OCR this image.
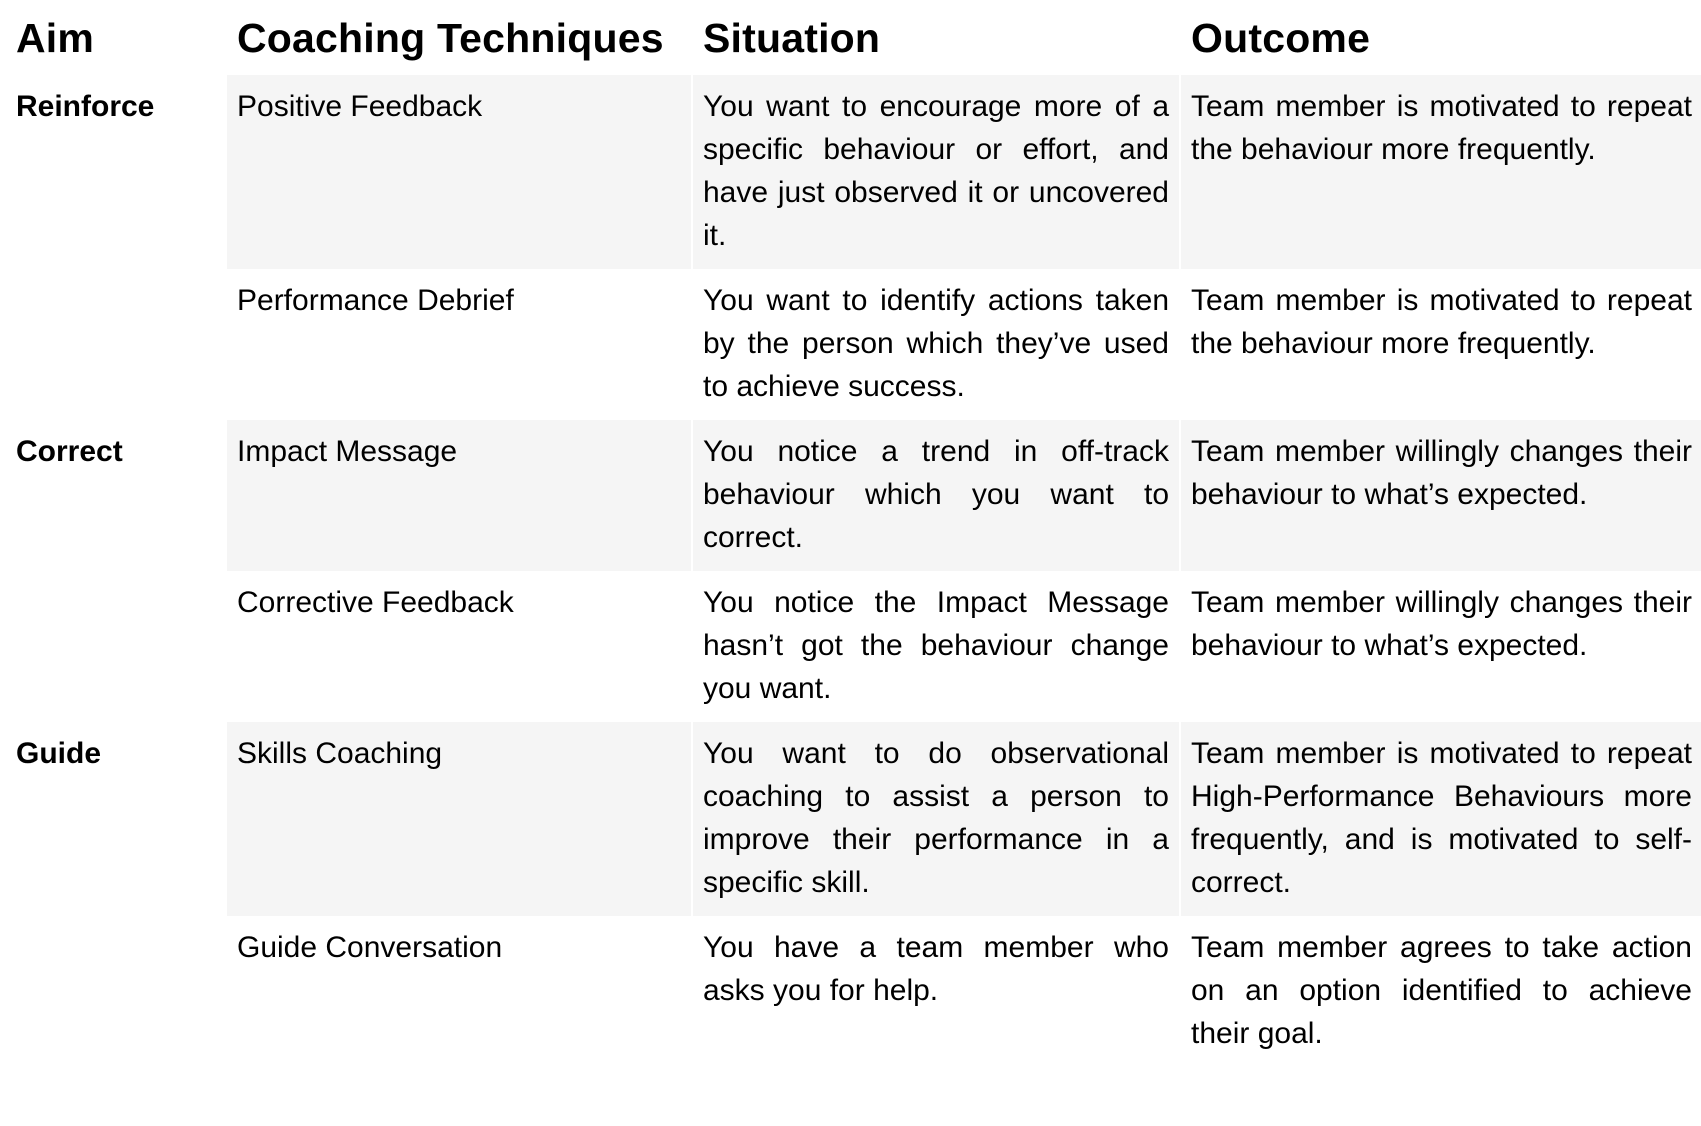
Aim	Coaching Techniques	Situation	Outcome
Reinforce	Positive Feedback	You want to encourage more of a specific behaviour or effort, and have just observed it or uncovered it.	Team member is motivated to repeat the behaviour more frequently.
	Performance Debrief	You want to identify actions taken by the person which they’ve used to achieve success.	Team member is motivated to repeat the behaviour more frequently.
Correct	Impact Message	You notice a trend in off-track behaviour which you want to correct.	Team member willingly changes their behaviour to what’s expected.
	Corrective Feedback	You notice the Impact Message hasn’t got the behaviour change you want.	Team member willingly changes their behaviour to what’s expected.
Guide	Skills Coaching	You want to do observational coaching to assist a person to improve their performance in a specific skill.	Team member is motivated to repeat High-Performance Behaviours more frequently, and is motivated to self-correct.
	Guide Conversation	You have a team member who asks you for help.	Team member agrees to take action on an option identified to achieve their goal.
